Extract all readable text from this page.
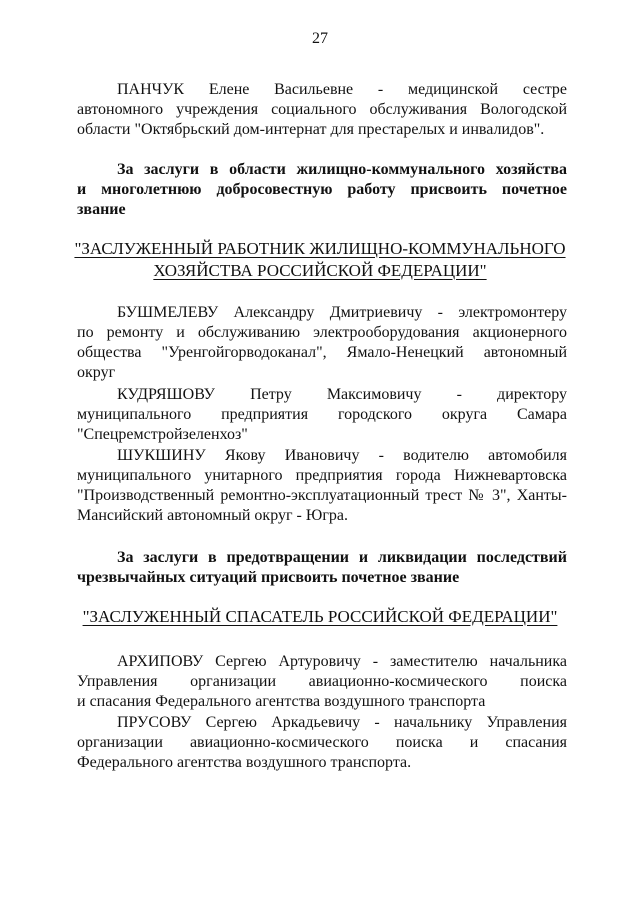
27
ПАНЧУК Елене Васильевне - медицинской сестре
автономного учреждения социального обслуживания Вологодской
области "Октябрьский дом-интернат для престарелых и инвалидов".
За заслуги в области жилищно-коммунального хозяйства
и многолетнюю добросовестную работу присвоить почетное
звание
"ЗАСЛУЖЕННЫЙ РАБОТНИК ЖИЛИЩНО-КОММУНАЛЬНОГО
ХОЗЯЙСТВА РОССИЙСКОЙ ФЕДЕРАЦИИ"
БУШМЕЛЕВУ Александру Дмитриевичу - электромонтеру
по ремонту и обслуживанию электрооборудования акционерного
общества "Уренгойгорводоканал", Ямало-Ненецкий автономный
округ
КУДРЯШОВУ Петру Максимовичу - директору
муниципального предприятия городского округа Самара
"Спецремстройзеленхоз"
ШУКШИНУ Якову Ивановичу - водителю автомобиля
муниципального унитарного предприятия города Нижневартовска
"Производственный ремонтно-эксплуатационный трест № 3", Ханты-
Мансийский автономный округ - Югра.
За заслуги в предотвращении и ликвидации последствий
чрезвычайных ситуаций присвоить почетное звание
"ЗАСЛУЖЕННЫЙ СПАСАТЕЛЬ РОССИЙСКОЙ ФЕДЕРАЦИИ"
АРХИПОВУ Сергею Артуровичу - заместителю начальника
Управления организации авиационно-космического поиска
и спасания Федерального агентства воздушного транспорта
ПРУСОВУ Сергею Аркадьевичу - начальнику Управления
организации авиационно-космического поиска и спасания
Федерального агентства воздушного транспорта.
